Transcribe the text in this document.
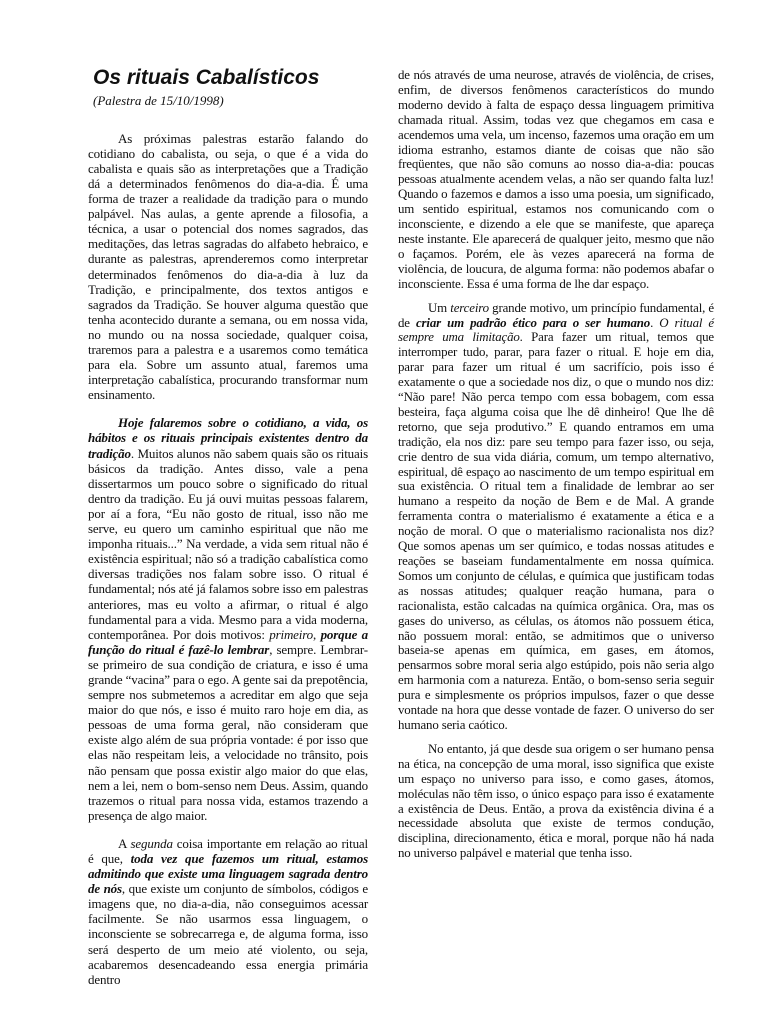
Os rituais Cabalísticos
(Palestra de 15/10/1998)

As próximas palestras estarão falando do cotidiano do cabalista, ou seja, o que é a vida do cabalista e quais são as interpretações que a Tradição dá a determinados fenômenos do dia-a-dia. É uma forma de trazer a realidade da tradição para o mundo palpável. Nas aulas, a gente aprende a filosofia, a técnica, a usar o potencial dos nomes sagrados, das meditações, das letras sagradas do alfabeto hebraico, e durante as palestras, aprenderemos como interpretar determinados fenômenos do dia-a-dia à luz da Tradição, e principalmente, dos textos antigos e sagrados da Tradição. Se houver alguma questão que tenha acontecido durante a semana, ou em nossa vida, no mundo ou na nossa sociedade, qualquer coisa, traremos para a palestra e a usaremos como temática para ela. Sobre um assunto atual, faremos uma interpretação cabalística, procurando transformar num ensinamento.

Hoje falaremos sobre o cotidiano, a vida, os hábitos e os rituais principais existentes dentro da tradição. Muitos alunos não sabem quais são os rituais básicos da tradição. Antes disso, vale a pena dissertarmos um pouco sobre o significado do ritual dentro da tradição. Eu já ouvi muitas pessoas falarem, por aí a fora, “Eu não gosto de ritual, isso não me serve, eu quero um caminho espiritual que não me imponha rituais...” Na verdade, a vida sem ritual não é existência espiritual; não só a tradição cabalística como diversas tradições nos falam sobre isso. O ritual é fundamental; nós até já falamos sobre isso em palestras anteriores, mas eu volto a afirmar, o ritual é algo fundamental para a vida. Mesmo para a vida moderna, contemporânea. Por dois motivos: primeiro, porque a função do ritual é fazê-lo lembrar, sempre. Lembrar-se primeiro de sua condição de criatura, e isso é uma grande “vacina” para o ego. A gente sai da prepotência, sempre nos submetemos a acreditar em algo que seja maior do que nós, e isso é muito raro hoje em dia, as pessoas de uma forma geral, não consideram que existe algo além de sua própria vontade: é por isso que elas não respeitam leis, a velocidade no trânsito, pois não pensam que possa existir algo maior do que elas, nem a lei, nem o bom-senso nem Deus. Assim, quando trazemos o ritual para nossa vida, estamos trazendo a presença de algo maior.

A segunda coisa importante em relação ao ritual é que, toda vez que fazemos um ritual, estamos admitindo que existe uma linguagem sagrada dentro de nós, que existe um conjunto de símbolos, códigos e imagens que, no dia-a-dia, não conseguimos acessar facilmente. Se não usarmos essa linguagem, o inconsciente se sobrecarrega e, de alguma forma, isso será desperto de um meio até violento, ou seja, acabaremos desencadeando essa energia primária dentro

de nós através de uma neurose, através de violência, de crises, enfim, de diversos fenômenos característicos do mundo moderno devido à falta de espaço dessa linguagem primitiva chamada ritual. Assim, todas vez que chegamos em casa e acendemos uma vela, um incenso, fazemos uma oração em um idioma estranho, estamos diante de coisas que não são freqüentes, que não são comuns ao nosso dia-a-dia: poucas pessoas atualmente acendem velas, a não ser quando falta luz! Quando o fazemos e damos a isso uma poesia, um significado, um sentido espiritual, estamos nos comunicando com o inconsciente, e dizendo a ele que se manifeste, que apareça neste instante. Ele aparecerá de qualquer jeito, mesmo que não o façamos. Porém, ele às vezes aparecerá na forma de violência, de loucura, de alguma forma: não podemos abafar o inconsciente. Essa é uma forma de lhe dar espaço.

Um terceiro grande motivo, um princípio fundamental, é de criar um padrão ético para o ser humano. O ritual é sempre uma limitação. Para fazer um ritual, temos que interromper tudo, parar, para fazer o ritual. E hoje em dia, parar para fazer um ritual é um sacrifício, pois isso é exatamente o que a sociedade nos diz, o que o mundo nos diz: “Não pare! Não perca tempo com essa bobagem, com essa besteira, faça alguma coisa que lhe dê dinheiro! Que lhe dê retorno, que seja produtivo.” E quando entramos em uma tradição, ela nos diz: pare seu tempo para fazer isso, ou seja, crie dentro de sua vida diária, comum, um tempo alternativo, espiritual, dê espaço ao nascimento de um tempo espiritual em sua existência. O ritual tem a finalidade de lembrar ao ser humano a respeito da noção de Bem e de Mal. A grande ferramenta contra o materialismo é exatamente a ética e a noção de moral. O que o materialismo racionalista nos diz? Que somos apenas um ser químico, e todas nossas atitudes e reações se baseiam fundamentalmente em nossa química. Somos um conjunto de células, e química que justificam todas as nossas atitudes; qualquer reação humana, para o racionalista, estão calcadas na química orgânica. Ora, mas os gases do universo, as células, os átomos não possuem ética, não possuem moral: então, se admitimos que o universo baseia-se apenas em química, em gases, em átomos, pensarmos sobre moral seria algo estúpido, pois não seria algo em harmonia com a natureza. Então, o bom-senso seria seguir pura e simplesmente os próprios impulsos, fazer o que desse vontade na hora que desse vontade de fazer. O universo do ser humano seria caótico.

No entanto, já que desde sua origem o ser humano pensa na ética, na concepção de uma moral, isso significa que existe um espaço no universo para isso, e como gases, átomos, moléculas não têm isso, o único espaço para isso é exatamente a existência de Deus. Então, a prova da existência divina é a necessidade absoluta que existe de termos condução, disciplina, direcionamento, ética e moral, porque não há nada no universo palpável e material que tenha isso.
